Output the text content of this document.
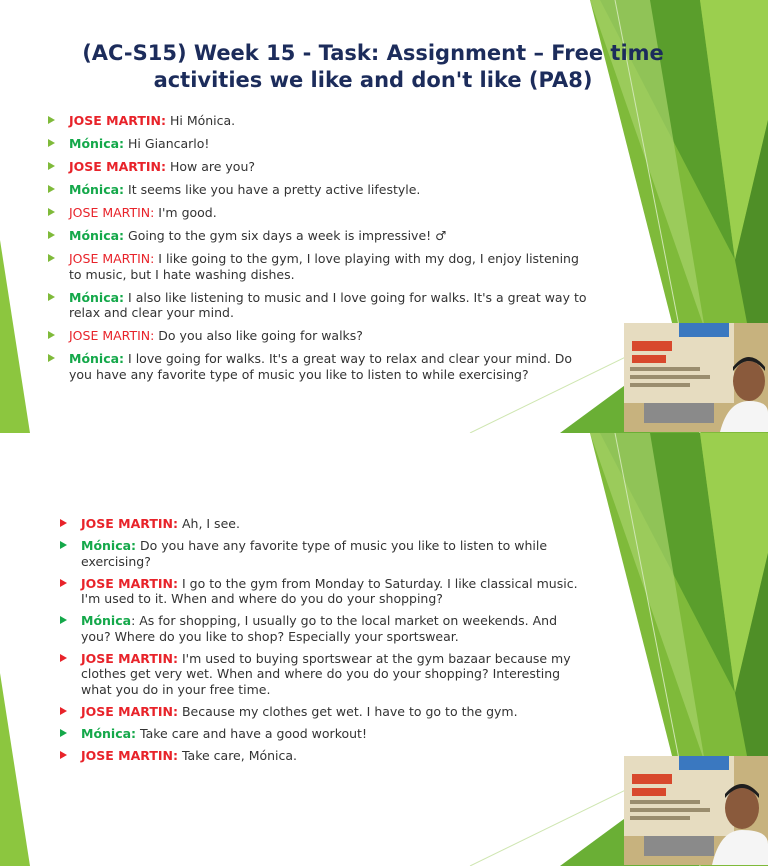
(AC-S15) Week 15 - Task: Assignment – Free time activities we like and don't like (PA8)
JOSE MARTIN: Hi Mónica.
Mónica: Hi Giancarlo!
JOSE MARTIN: How are you?
Mónica: It seems like you have a pretty active lifestyle.
JOSE MARTIN: I'm good.
Mónica: Going to the gym six days a week is impressive! ♂
JOSE MARTIN: I like going to the gym, I love playing with my dog, I enjoy listening to music, but I hate washing dishes.
Mónica: I also like listening to music and I love going for walks. It's a great way to relax and clear your mind.
JOSE MARTIN: Do you also like going for walks?
Mónica: I love going for walks. It's a great way to relax and clear your mind. Do you have any favorite type of music you like to listen to while exercising?
JOSE MARTIN: Ah, I see.
Mónica: Do you have any favorite type of music you like to listen to while exercising?
JOSE MARTIN: I go to the gym from Monday to Saturday. I like classical music. I'm used to it. When and where do you do your shopping?
Mónica: As for shopping, I usually go to the local market on weekends. And you? Where do you like to shop? Especially your sportswear.
JOSE MARTIN: I'm used to buying sportswear at the gym bazaar because my clothes get very wet. When and where do you do your shopping? Interesting what you do in your free time.
JOSE MARTIN: Because my clothes get wet. I have to go to the gym.
Mónica: Take care and have a good workout!
JOSE MARTIN: Take care, Mónica.
